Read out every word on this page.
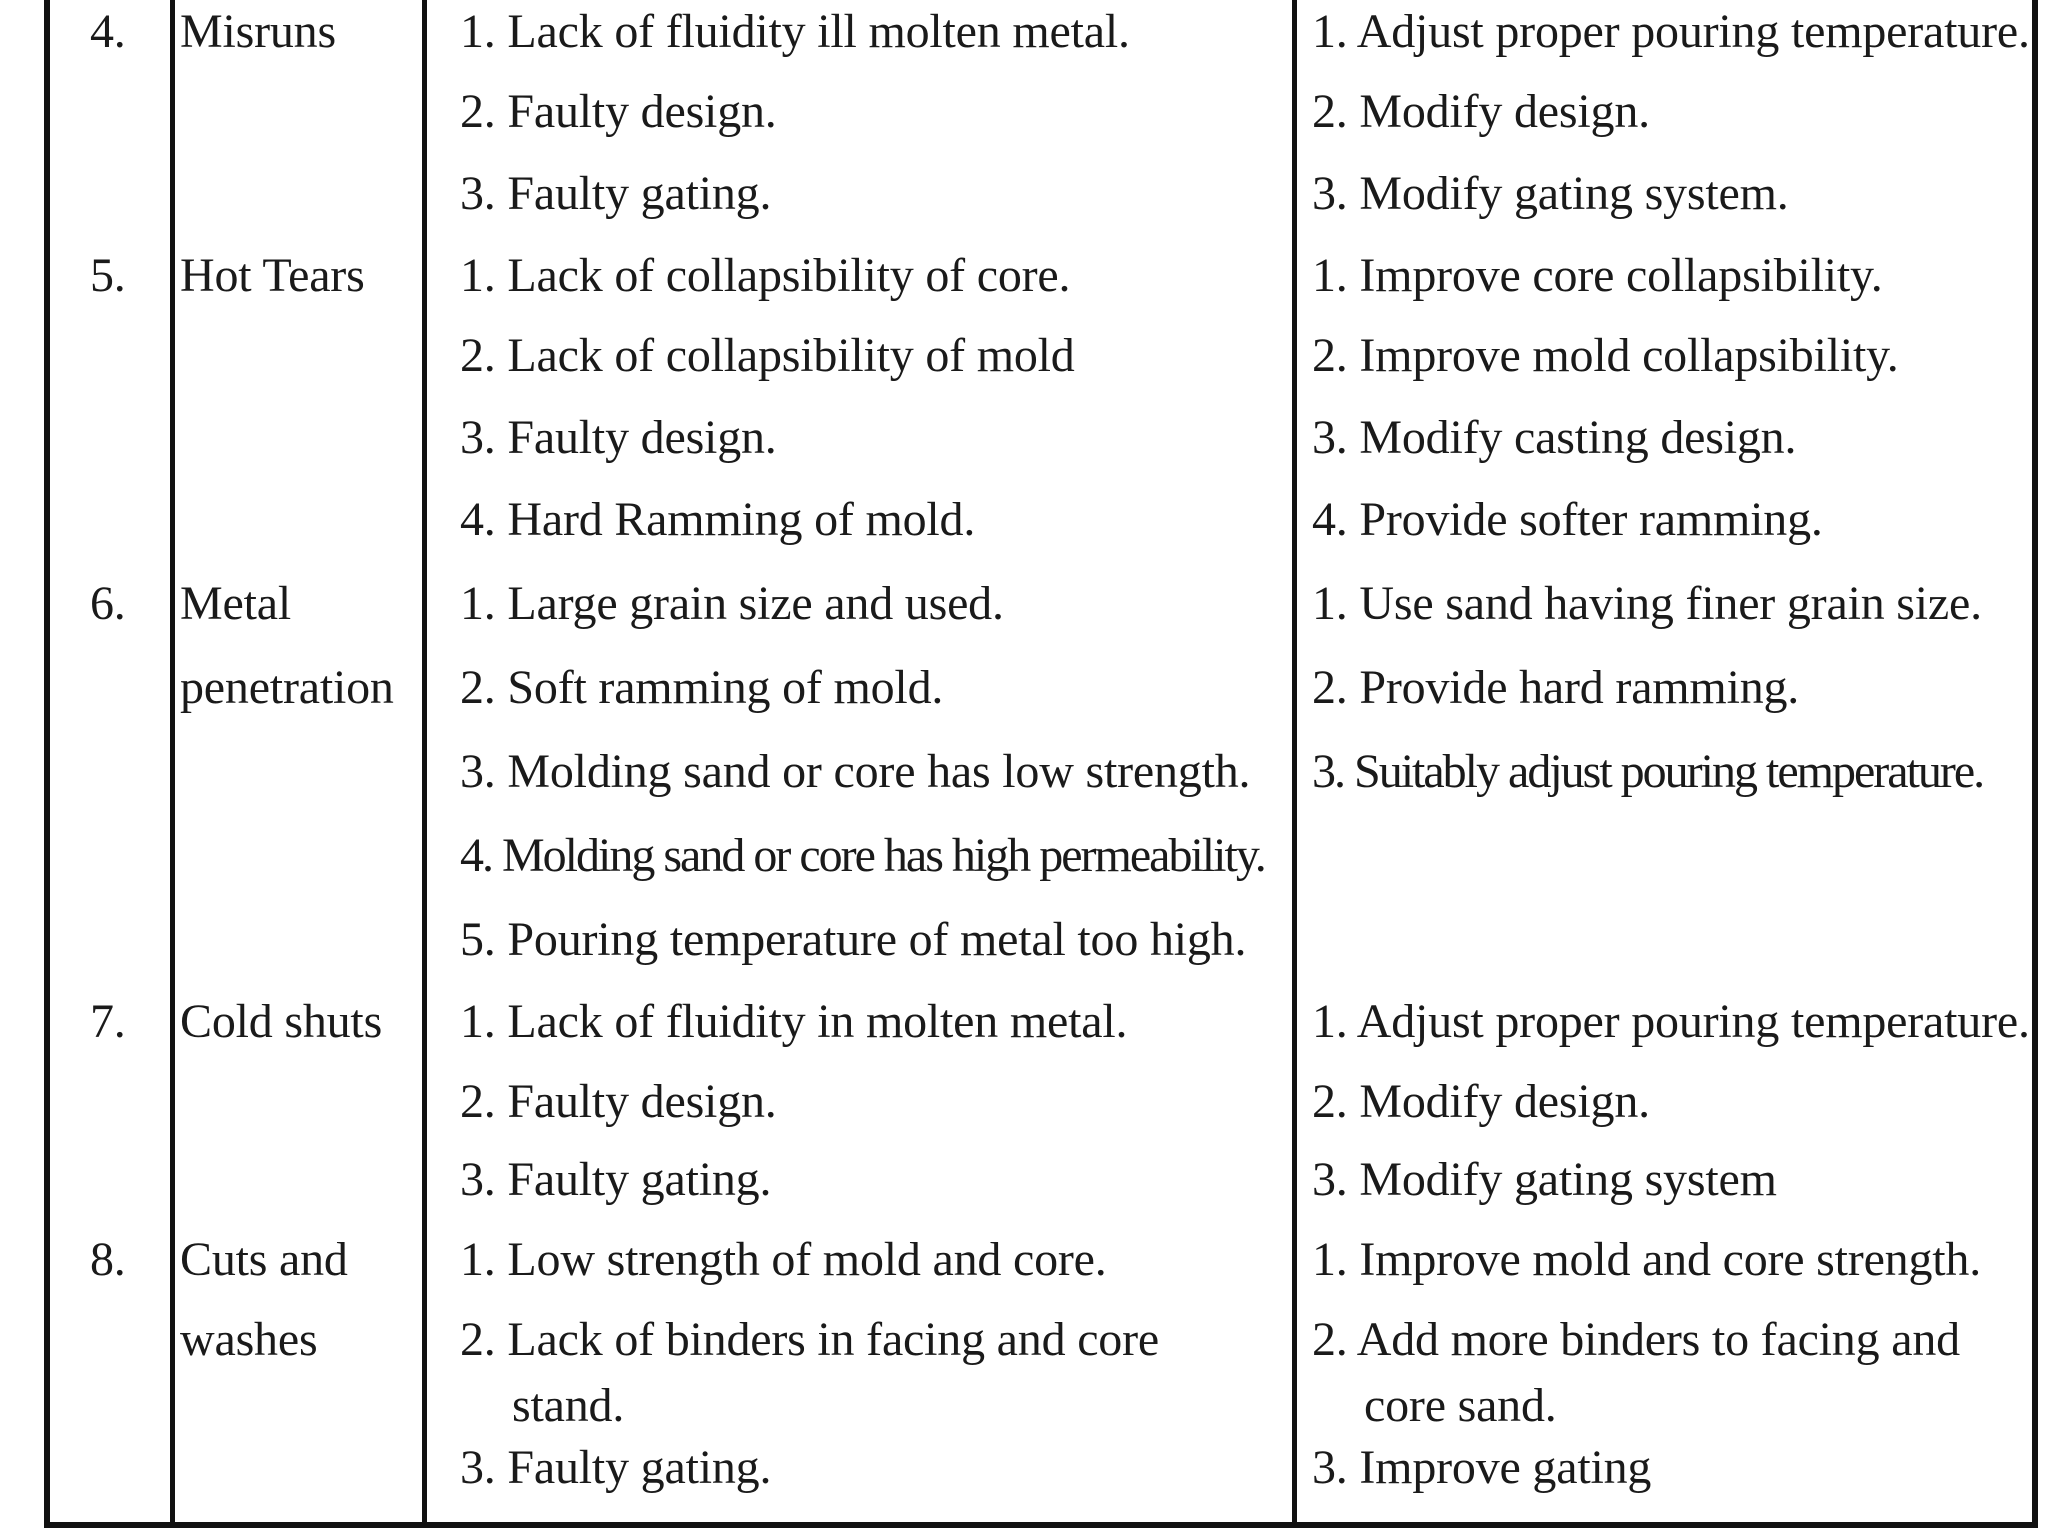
4. Misruns	1. Lack of fluidity ill molten metal.
2. Faulty design.
3. Faulty gating.
1. Adjust proper pouring temperature.
2. Modify design.
3. Modify gating system.
5. Hot Tears 1. Lack of collapsibility of core.
2. Lack of collapsibility of mold
3. Faulty design.
4. Hard Ramming of mold.
1. Improve core collapsibility.
2. Improve mold collapsibility.
3. Modify casting design.
4. Provide softer ramming.
6. Metal
penetration
1. Large grain size and used.
2. Soft ramming of mold.
3. Molding sand or core has low strength.
4. Molding sand or core has high permeability.
5. Pouring temperature of metal too high.
1. Use sand having finer grain size.
2. Provide hard ramming.
3. Suitably adjust pouring temperature.
7. Cold shuts 1. Lack of fluidity in molten metal.
2. Faulty design.
3. Faulty gating.
1. Adjust proper pouring temperature.
2. Modify design.
3. Modify gating system
8. Cuts and
washes
1. Low strength of mold and core.
2. Lack of binders in facing and core
stand.
3. Faulty gating.
1. Improve mold and core strength.
2. Add more binders to facing and
core sand.
3. Improve gating
